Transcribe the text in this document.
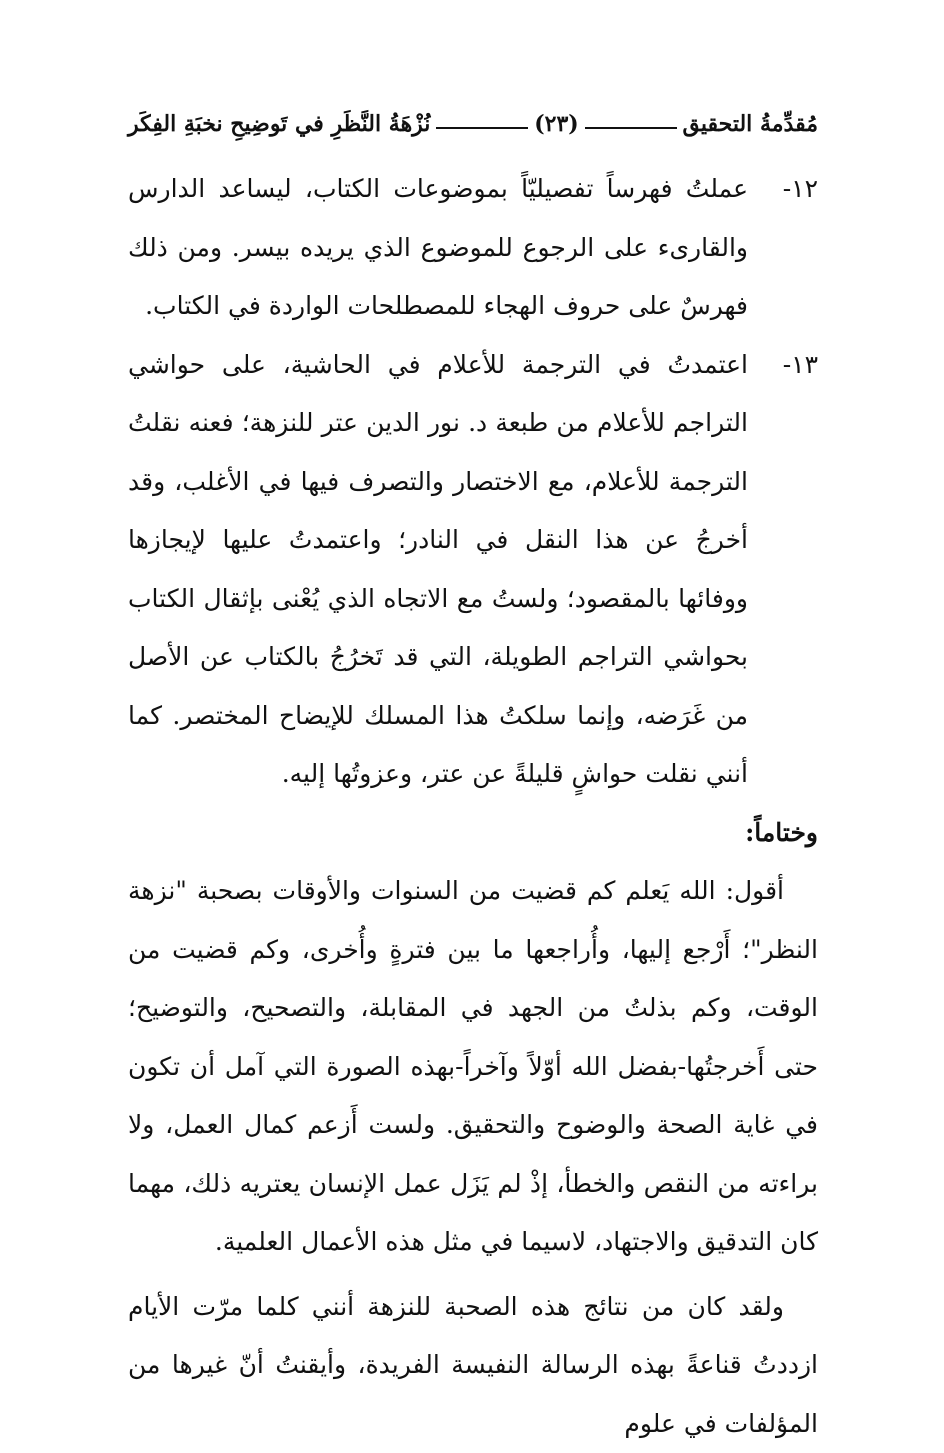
مُقدِّمةُ التحقيق
(٢٣)
نُزْهَةُ النَّظَرِ في تَوضِيحِ نخبَةِ الفِكَر
١٢-
عملتُ فهرساً تفصيليّاً بموضوعات الكتاب، ليساعد الدارس والقارىء على الرجوع للموضوع الذي يريده بيسر. ومن ذلك فهرسٌ على حروف الهجاء للمصطلحات الواردة في الكتاب.
١٣-
اعتمدتُ في الترجمة للأعلام في الحاشية، على حواشي التراجم للأعلام من طبعة د. نور الدين عتر للنزهة؛ فعنه نقلتُ الترجمة للأعلام، مع الاختصار والتصرف فيها في الأغلب، وقد أخرجُ عن هذا النقل في النادر؛ واعتمدتُ عليها لإيجازها ووفائها بالمقصود؛ ولستُ مع الاتجاه الذي يُعْنى بإثقال الكتاب بحواشي التراجم الطويلة، التي قد تَخرُجُ بالكتاب عن الأصل من غَرَضه، وإنما سلكتُ هذا المسلك للإيضاح المختصر. كما أنني نقلت حواشٍ قليلةً عن عتر، وعزوتُها إليه.
وختاماً:

أقول: الله يَعلم كم قضيت من السنوات والأوقات بصحبة "نزهة النظر"؛ أَرْجع إليها، وأُراجعها ما بين فترةٍ وأُخرى، وكم قضيت من الوقت، وكم بذلتُ من الجهد في المقابلة، والتصحيح، والتوضيح؛ حتى أَخرجتُها-بفضل الله أوّلاً وآخراً-بهذه الصورة التي آمل أن تكون في غاية الصحة والوضوح والتحقيق. ولست أَزعم كمال العمل، ولا براءته من النقص والخطأ، إذْ لم يَزَل عمل الإنسان يعتريه ذلك، مهما كان التدقيق والاجتهاد، لاسيما في مثل هذه الأعمال العلمية.

ولقد كان من نتائج هذه الصحبة للنزهة أنني كلما مرّت الأيام ازددتُ قناعةً بهذه الرسالة النفيسة الفريدة، وأيقنتُ أنّ غيرها من المؤلفات في علوم
